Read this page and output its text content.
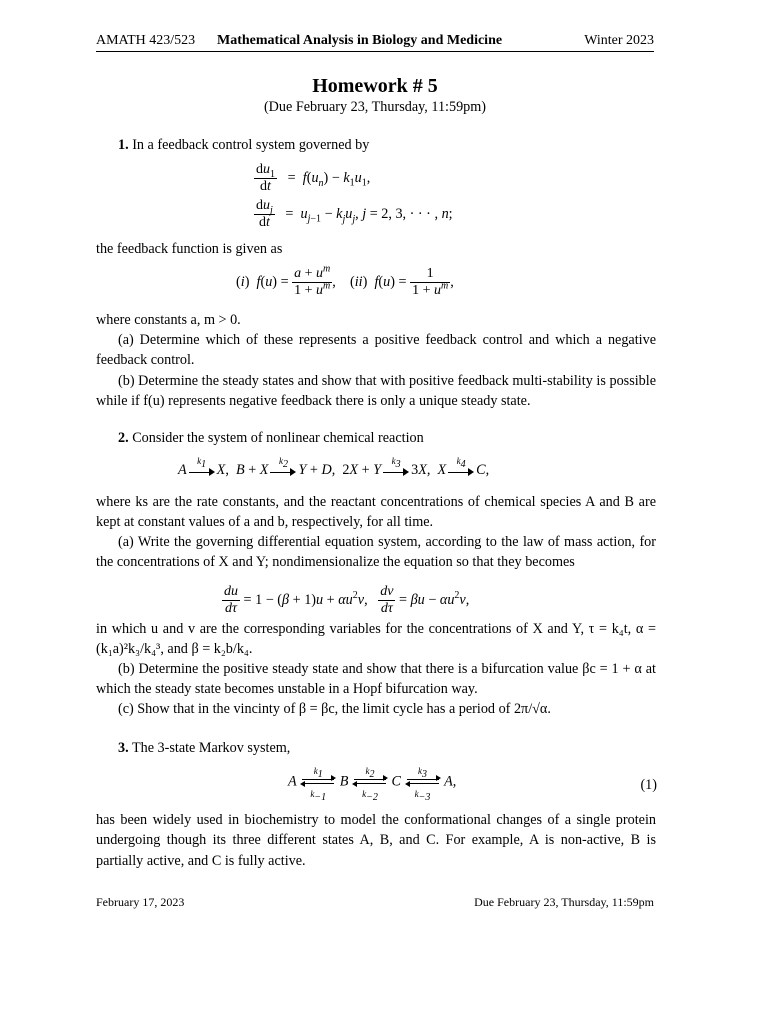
AMATH 423/523 Mathematical Analysis in Biology and Medicine	Winter 2023
Homework # 5
(Due February 23, Thursday, 11:59pm)
1. In a feedback control system governed by
$\frac{du_1}{dt} = f(u_n) - k_1u_1$,
$\frac{du_j}{dt} = u_{j-1} - k_ju_j$, j = 2, 3, · · · , n;
the feedback function is given as
(i)  $f(u) = \frac{a + u^m}{1 + u^m}$ ,    (ii)  $f(u) = \frac{1}{1 + u^m}$ ,
where constants a, m > 0.
(a) Determine which of these represents a positive feedback control and which a negative feedback control.
(b) Determine the steady states and show that with positive feedback multi-stability is possible while if f(u) represents negative feedback there is only a unique steady state.
2. Consider the system of nonlinear chemical reaction
A
$k_1$ X,  B + X
$k_2$ Y + D,  2X + Y
$k_3$ 3X,  X
$k_4$ C,
where ks are the rate constants, and the reactant concentrations of chemical species A and B are kept at constant values of a and b, respectively, for all time.
(a) Write the governing differential equation system, according to the law of mass action, for the concentrations of X and Y; nondimensionalize the equation so that they becomes
$\frac{du}{d\tau} = 1 - (\beta + 1)u + \alpha u^2v$, $\frac{dv}{d\tau} = \beta u - \alpha u^2v$,
in which u and v are the corresponding variables for the concentrations of X and Y, τ = k₄t, α = (k₁a)²k₃/k₄³, and β = k₂b/k₄.
(b) Determine the positive steady state and show that there is a bifurcation value βc = 1 + α at which the steady state becomes unstable in a Hopf bifurcation way.
(c) Show that in the vincinty of β = βc, the limit cycle has a period of 2π/√α.
3. The 3-state Markov system,
A
$k_1$
$k_{-1}$
B
$k_2$
$k_{-2}$
C
$k_3$
$k_{-3}$
A,	(1)
has been widely used in biochemistry to model the conformational changes of a single protein undergoing though its three different states A, B, and C. For example, A is non-active, B is partially active, and C is fully active.
February 17, 2023	Due February 23, Thursday, 11:59pm
